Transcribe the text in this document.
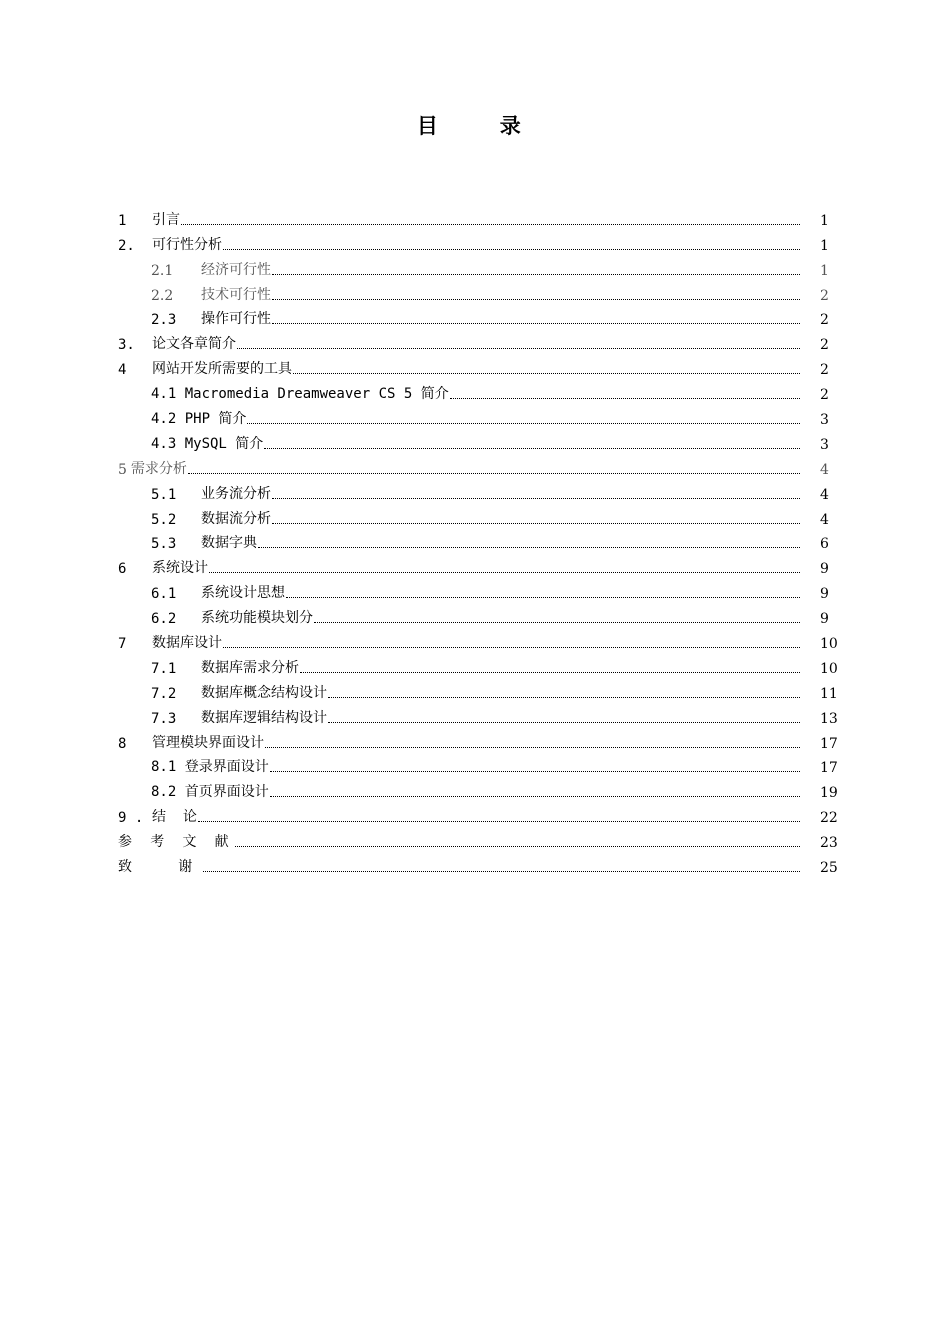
目 录
1	引言	1
2.	可行性分析	1
2.1	经济可行性	1
2.2	技术可行性	2
2.3	操作可行性	2
3.	论文各章简介	2
4	网站开发所需要的工具	2
4.1 Macromedia Dreamweaver CS 5 简介	2
4.2 PHP 简介	3
4.3 MySQL 简介	3
5 需求分析	4
5.1	业务流分析	4
5.2	数据流分析	4
5.3	数据字典	6
6	系统设计	9
6.1	系统设计思想	9
6.2	系统功能模块划分	9
7	数据库设计	10
7.1	数据库需求分析	10
7.2	数据库概念结构设计	11
7.3	数据库逻辑结构设计	13
8	管理模块界面设计	17
8.1 登录界面设计	17
8.2 首页界面设计	19
9 . 结  论	22
参 考 文 献	23
致  谢	25
